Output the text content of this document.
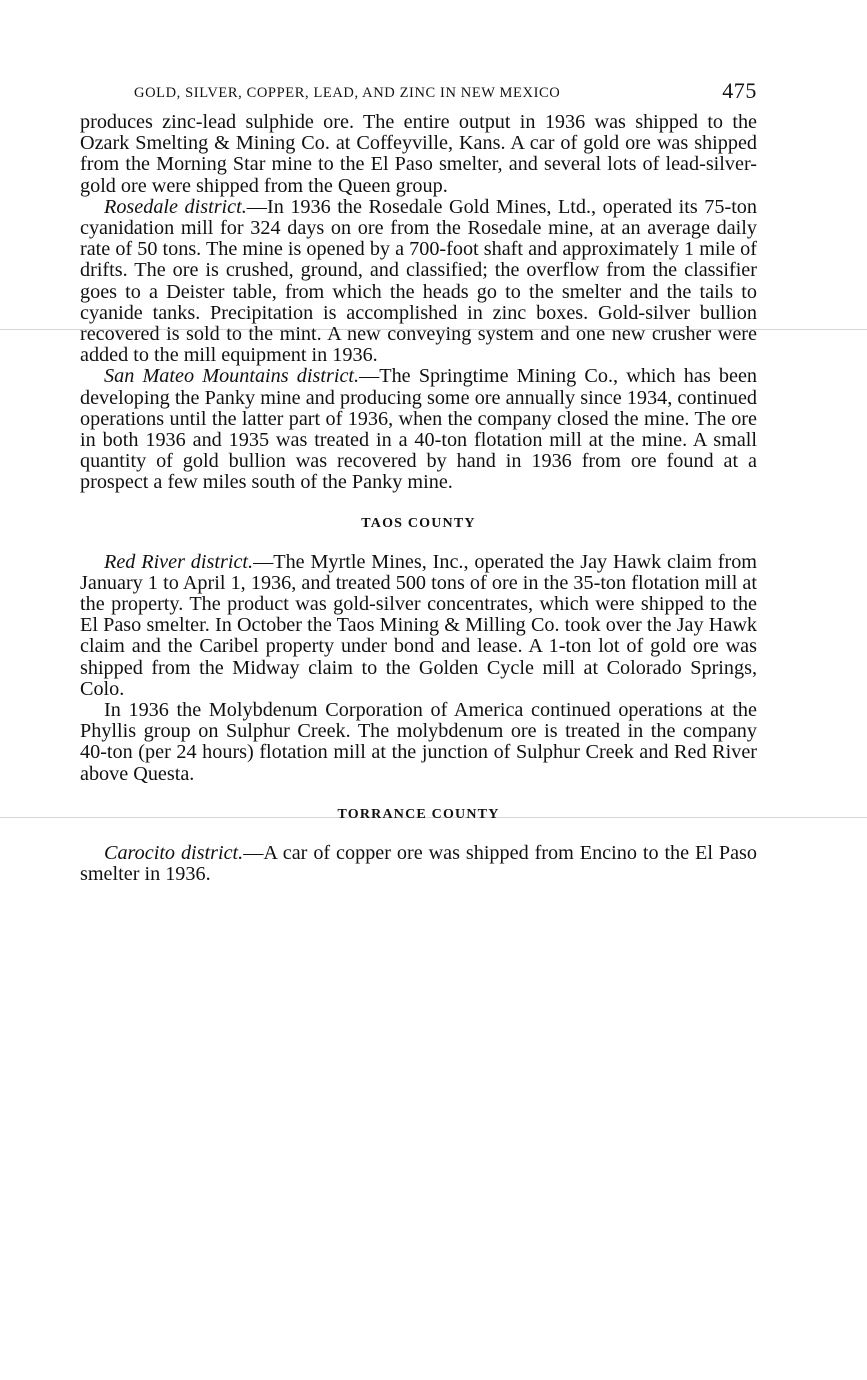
GOLD, SILVER, COPPER, LEAD, AND ZINC IN NEW MEXICO	475

produces zinc-lead sulphide ore. The entire output in 1936 was shipped to the Ozark Smelting & Mining Co. at Coffeyville, Kans. A car of gold ore was shipped from the Morning Star mine to the El Paso smelter, and several lots of lead-silver-gold ore were shipped from the Queen group.

Rosedale district.—In 1936 the Rosedale Gold Mines, Ltd., operated its 75-ton cyanidation mill for 324 days on ore from the Rosedale mine, at an average daily rate of 50 tons. The mine is opened by a 700-foot shaft and approximately 1 mile of drifts. The ore is crushed, ground, and classified; the overflow from the classifier goes to a Deister table, from which the heads go to the smelter and the tails to cyanide tanks. Precipitation is accomplished in zinc boxes. Gold-silver bullion recovered is sold to the mint. A new conveying system and one new crusher were added to the mill equipment in 1936.

San Mateo Mountains district.—The Springtime Mining Co., which has been developing the Panky mine and producing some ore annually since 1934, continued operations until the latter part of 1936, when the company closed the mine. The ore in both 1936 and 1935 was treated in a 40-ton flotation mill at the mine. A small quantity of gold bullion was recovered by hand in 1936 from ore found at a prospect a few miles south of the Panky mine.

TAOS COUNTY

Red River district.—The Myrtle Mines, Inc., operated the Jay Hawk claim from January 1 to April 1, 1936, and treated 500 tons of ore in the 35-ton flotation mill at the property. The product was gold-silver concentrates, which were shipped to the El Paso smelter. In October the Taos Mining & Milling Co. took over the Jay Hawk claim and the Caribel property under bond and lease. A 1-ton lot of gold ore was shipped from the Midway claim to the Golden Cycle mill at Colorado Springs, Colo.

In 1936 the Molybdenum Corporation of America continued operations at the Phyllis group on Sulphur Creek. The molybdenum ore is treated in the company 40-ton (per 24 hours) flotation mill at the junction of Sulphur Creek and Red River above Questa.

TORRANCE COUNTY

Carocito district.—A car of copper ore was shipped from Encino to the El Paso smelter in 1936.
